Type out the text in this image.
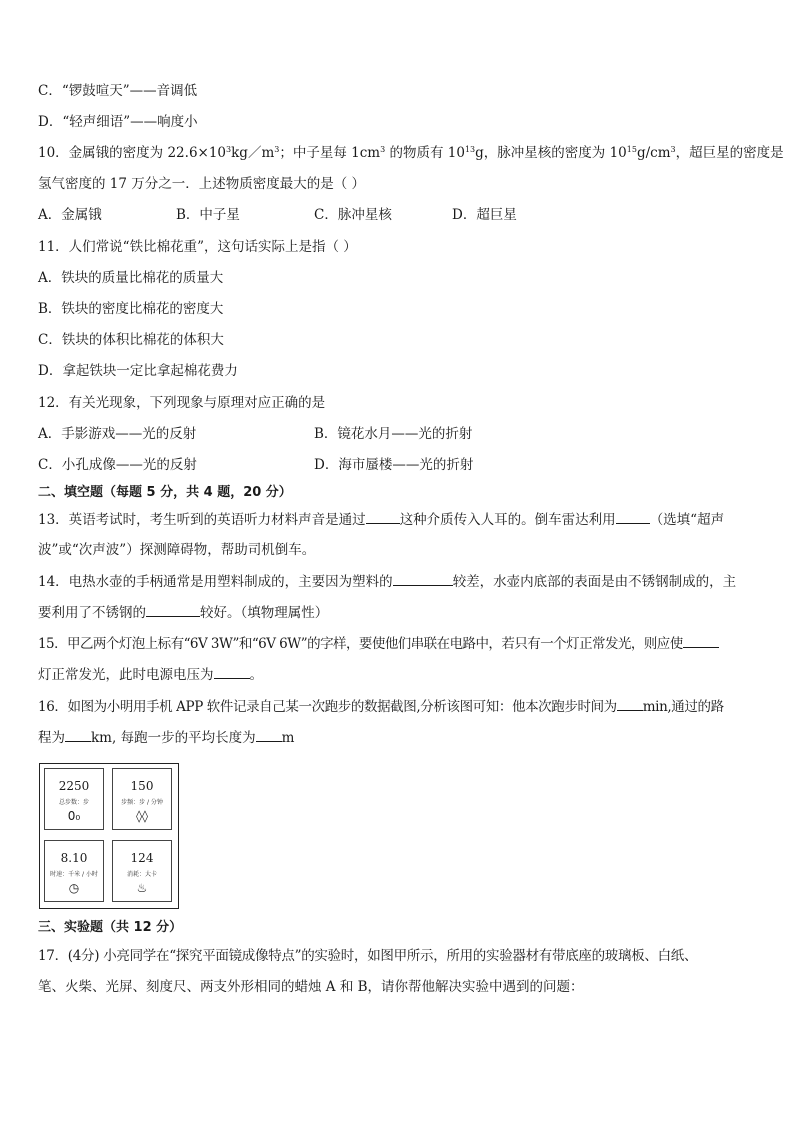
C．“锣鼓喧天”——音调低
D．“轻声细语”——响度小
10．金属锇的密度为 $22.6\times 10^3kg/m^3$；中子星每 $1cm^3$ 的物质有 $10^{13}g$，脉冲星核的密度为 $10^{15}g/cm^3$，超巨星的密度是
氢气密度的 17 万分之一．上述物质密度最大的是（ ）
A．金属锇	B．中子星	C．脉冲星核	D．超巨星
11．人们常说“铁比棉花重”，这句话实际上是指（ ）
A．铁块的质量比棉花的质量大
B．铁块的密度比棉花的密度大
C．铁块的体积比棉花的体积大
D．拿起铁块一定比拿起棉花费力
12．有关光现象，下列现象与原理对应正确的是
A．手影游戏——光的反射	B．镜花水月——光的折射
C．小孔成像——光的反射	D．海市蜃楼——光的折射
二、填空题（每题 5 分，共 4 题，20 分）
13．英语考试时，考生听到的英语听力材料声音是通过	这种介质传入人耳的。倒车雷达利用	（选填“超声
波”或“次声波”）探测障碍物，帮助司机倒车。
14．电热水壶的手柄通常是用塑料制成的，主要因为塑料的	较差，水壶内底部的表面是由不锈钢制成的，主
要利用了不锈钢的	较好。（填物理属性）
15．甲乙两个灯泡上标有“6V 3W”和“6V 6W”的字样，要使他们串联在电路中，若只有一个灯正常发光，则应使
灯正常发光，此时电源电压为	。
16．如图为小明用手机 APP 软件记录自己某一次跑步的数据截图,分析该图可知：他本次跑步时间为 min,通过的路
程为 km, 每跑一步的平均长度为 m
2250
总步数：步
0₀
150
步频：步 / 分钟
◊◊
8.10
时速：千米 / 小时
◷
124
消耗：大卡
♨
三、实验题（共 12 分）
17．(4分) 小亮同学在“探究平面镜成像特点”的实验时，如图甲所示，所用的实验器材有带底座的玻璃板、白纸、
笔、火柴、光屏、刻度尺、两支外形相同的蜡烛 A 和 B，请你帮他解决实验中遇到的问题：
